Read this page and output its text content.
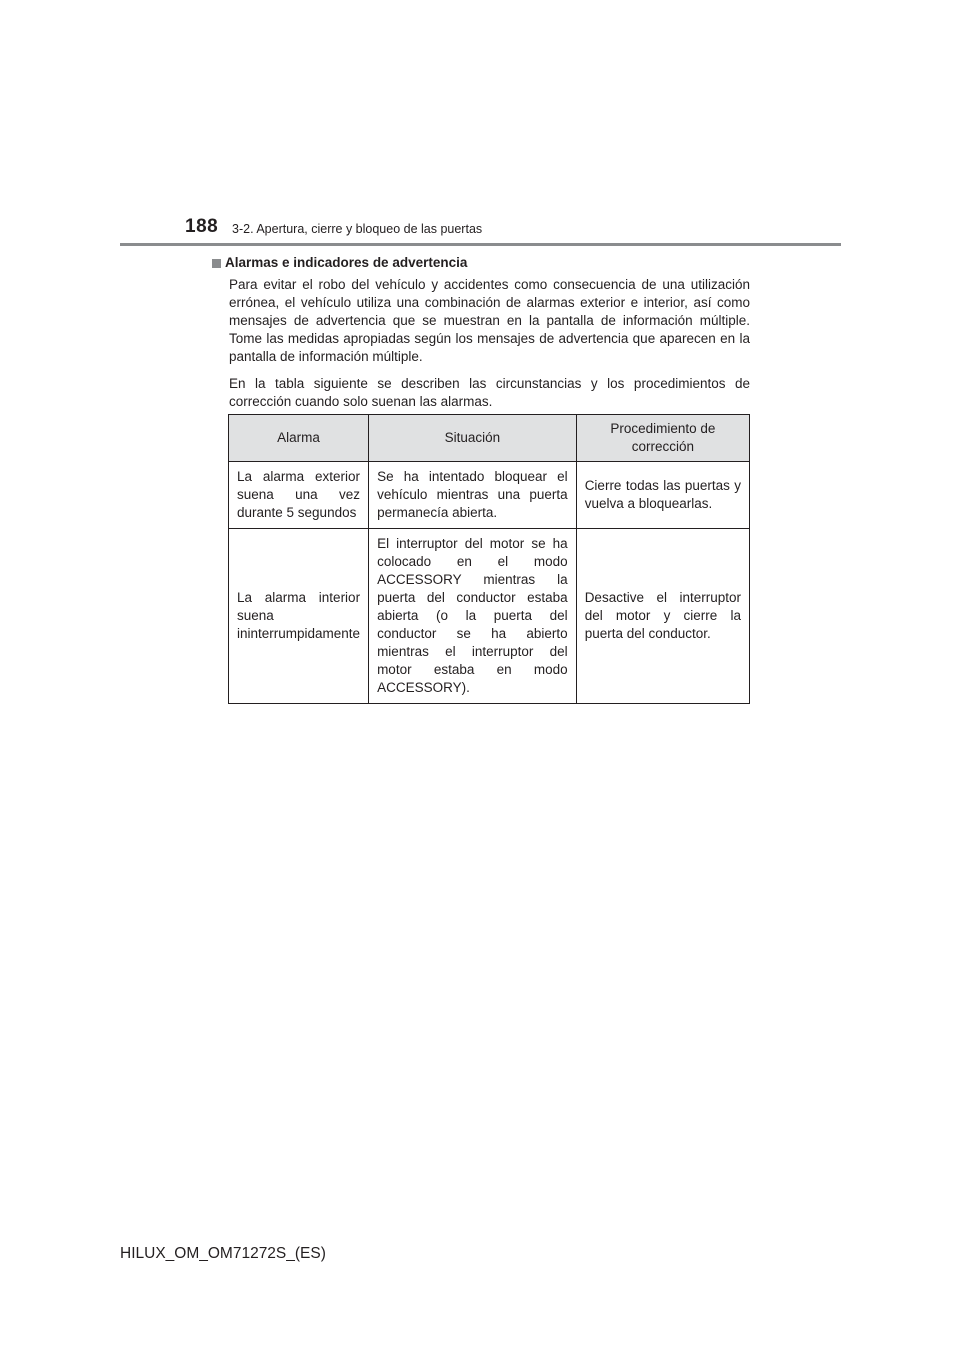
188 3-2. Apertura, cierre y bloqueo de las puertas
Alarmas e indicadores de advertencia

Para evitar el robo del vehículo y accidentes como consecuencia de una utilización errónea, el vehículo utiliza una combinación de alarmas exterior e interior, así como mensajes de advertencia que se muestran en la pantalla de información múltiple. Tome las medidas apropiadas según los mensajes de advertencia que aparecen en la pantalla de información múltiple.

En la tabla siguiente se describen las circunstancias y los procedimientos de corrección cuando solo suenan las alarmas.

Alarma	Situación	Procedimiento de corrección
La alarma exterior suena una vez durante 5 segundos	Se ha intentado bloquear el vehículo mientras una puerta permanecía abierta.	Cierre todas las puertas y vuelva a bloquearlas.
La alarma interior suena ininterrumpidamente	El interruptor del motor se ha colocado en el modo ACCESSORY mientras la puerta del conductor estaba abierta (o la puerta del conductor se ha abierto mientras el interruptor del motor estaba en modo ACCESSORY).	Desactive el interruptor del motor y cierre la puerta del conductor.
HILUX_OM_OM71272S_(ES)
